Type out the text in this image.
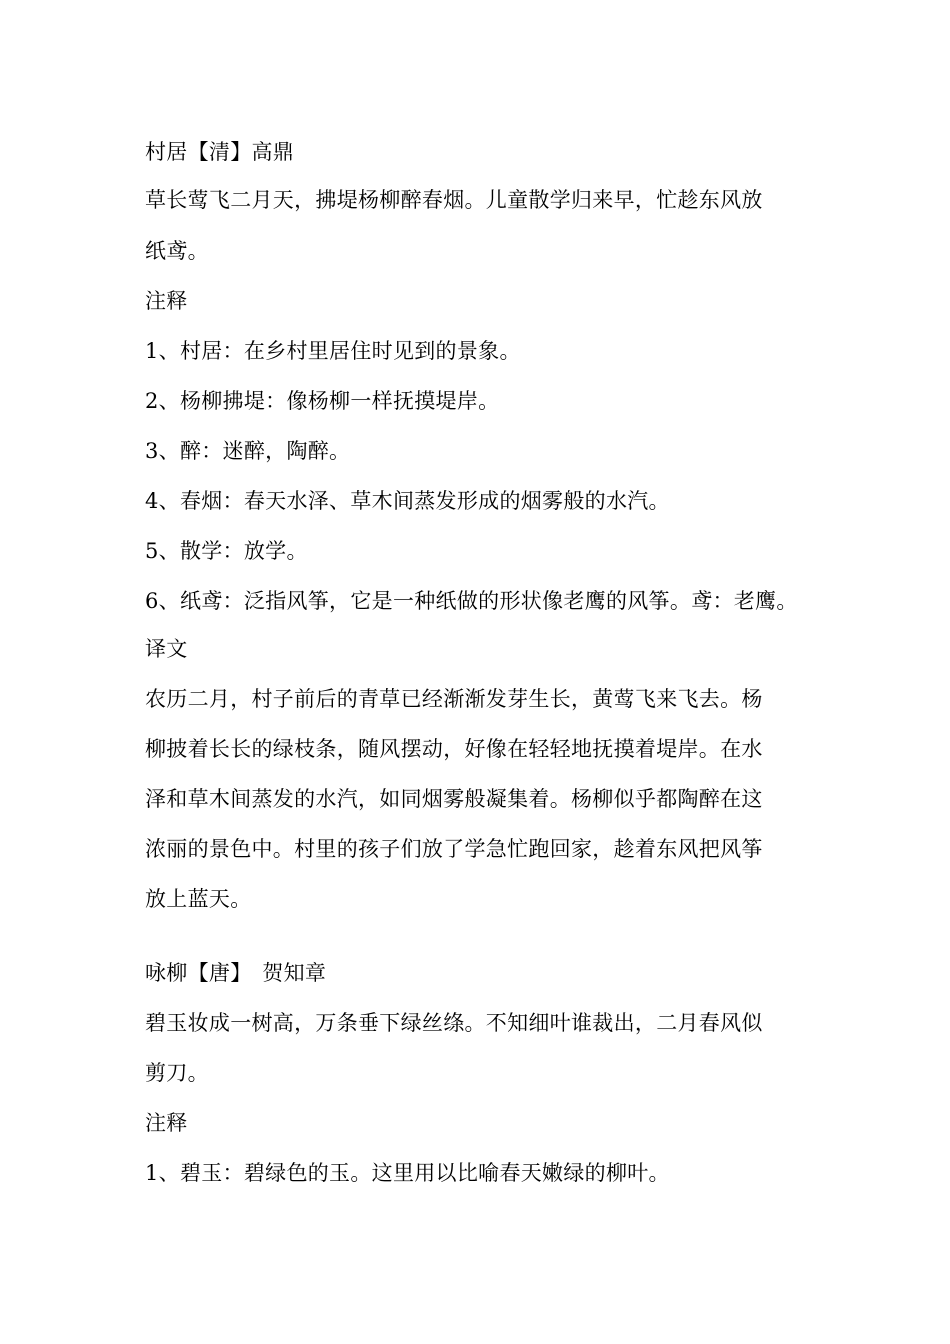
村居【清】高鼎
草长莺飞二月天，拂堤杨柳醉春烟。儿童散学归来早，忙趁东风放
纸鸢。
注释
1、村居：在乡村里居住时见到的景象。
2、杨柳拂堤：像杨柳一样抚摸堤岸。
3、醉：迷醉，陶醉。
4、春烟：春天水泽、草木间蒸发形成的烟雾般的水汽。
5、散学：放学。
6、纸鸢：泛指风筝，它是一种纸做的形状像老鹰的风筝。鸢：老鹰。
译文
农历二月，村子前后的青草已经渐渐发芽生长，黄莺飞来飞去。杨
柳披着长长的绿枝条，随风摆动，好像在轻轻地抚摸着堤岸。在水
泽和草木间蒸发的水汽，如同烟雾般凝集着。杨柳似乎都陶醉在这
浓丽的景色中。村里的孩子们放了学急忙跑回家，趁着东风把风筝
放上蓝天。
咏柳【唐】　贺知章
碧玉妆成一树高，万条垂下绿丝绦。不知细叶谁裁出，二月春风似
剪刀。
注释
1、碧玉：碧绿色的玉。这里用以比喻春天嫩绿的柳叶。
